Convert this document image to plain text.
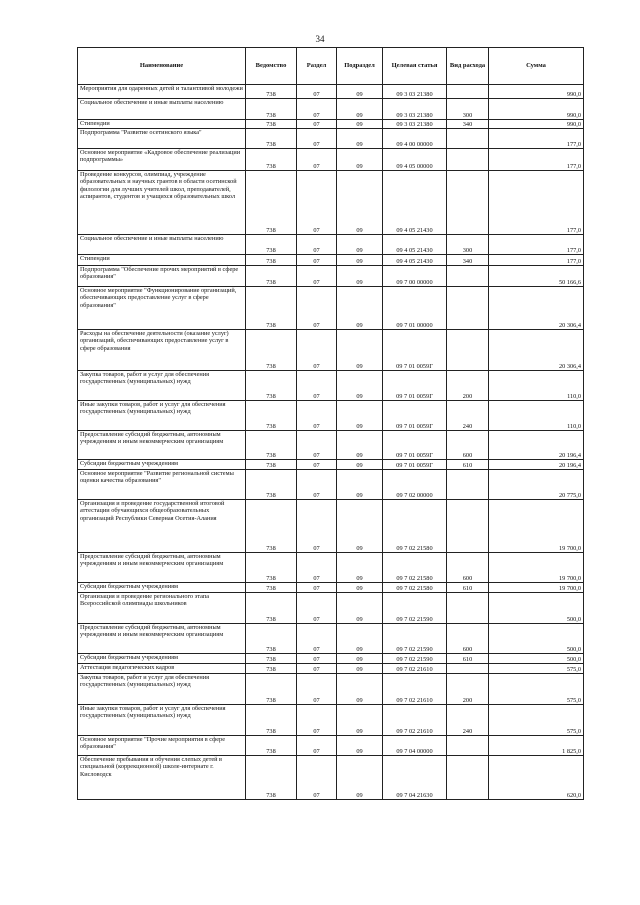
34
Наименование	Ведомство	Раздел	Подраздел	Целевая статья	Вид расхода	Сумма
Мероприятия для одаренных детей и талантливой молодежи	738	07	09	09 3 03 21380		990,0
Социальное обеспечение и иные выплаты населению	738	07	09	09 3 03 21380	300	990,0
Стипендии	738	07	09	09 3 03 21380	340	990,0
Подпрограмма "Развитие осетинского языка"	738	07	09	09 4 00 00000		177,0
Основное мероприятие «Кадровое обеспечение реализации подпрограммы»	738	07	09	09 4 05 00000		177,0
Проведение конкурсов, олимпиад, учреждение образовательных и научных грантов в области осетинской филологии для лучших учителей школ, преподавателей, аспирантов, студентов и учащихся образовательных школ	738	07	09	09 4 05 21430		177,0
Социальное обеспечение и иные выплаты населению	738	07	09	09 4 05 21430	300	177,0
Стипендии	738	07	09	09 4 05 21430	340	177,0
Подпрограмма "Обеспечение прочих мероприятий в сфере образования"	738	07	09	09 7 00 00000		50 166,6
Основное мероприятие "Функционирование организаций, обеспечивающих предоставление услуг в сфере образования"	738	07	09	09 7 01 00000		20 306,4
Расходы на обеспечение деятельности (оказание услуг) организаций, обеспечивающих предоставление услуг в сфере образования	738	07	09	09 7 01 0059Г		20 306,4
Закупка товаров, работ и услуг для обеспечения государственных (муниципальных) нужд	738	07	09	09 7 01 0059Г	200	110,0
Иные закупки товаров, работ и услуг для обеспечения государственных (муниципальных) нужд	738	07	09	09 7 01 0059Г	240	110,0
Предоставление субсидий бюджетным, автономным учреждениям и иным некоммерческим организациям	738	07	09	09 7 01 0059Г	600	20 196,4
Субсидии бюджетным учреждениям	738	07	09	09 7 01 0059Г	610	20 196,4
Основное мероприятие "Развитие региональной системы оценки качества образования"	738	07	09	09 7 02 00000		20 775,0
Организация и проведение государственной итоговой аттестации обучающихся общеобразовательных организаций Республики Северная Осетия-Алания	738	07	09	09 7 02 21580		19 700,0
Предоставление субсидий бюджетным, автономным учреждениям и иным некоммерческим организациям	738	07	09	09 7 02 21580	600	19 700,0
Субсидии бюджетным учреждениям	738	07	09	09 7 02 21580	610	19 700,0
Организация и проведение регионального этапа Всероссийской олимпиады школьников	738	07	09	09 7 02 21590		500,0
Предоставление субсидий бюджетным, автономным учреждениям и иным некоммерческим организациям	738	07	09	09 7 02 21590	600	500,0
Субсидии бюджетным учреждениям	738	07	09	09 7 02 21590	610	500,0
Аттестация педагогических кадров	738	07	09	09 7 02 21610		575,0
Закупка товаров, работ и услуг для обеспечения государственных (муниципальных) нужд	738	07	09	09 7 02 21610	200	575,0
Иные закупки товаров, работ и услуг для обеспечения государственных (муниципальных) нужд	738	07	09	09 7 02 21610	240	575,0
Основное мероприятие "Прочие мероприятия в сфере образования"	738	07	09	09 7 04 00000		1 825,0
Обеспечение пребывания и обучения слепых детей в специальной (коррекционной) школе-интернате г. Кисловодск	738	07	09	09 7 04 21630		620,0
